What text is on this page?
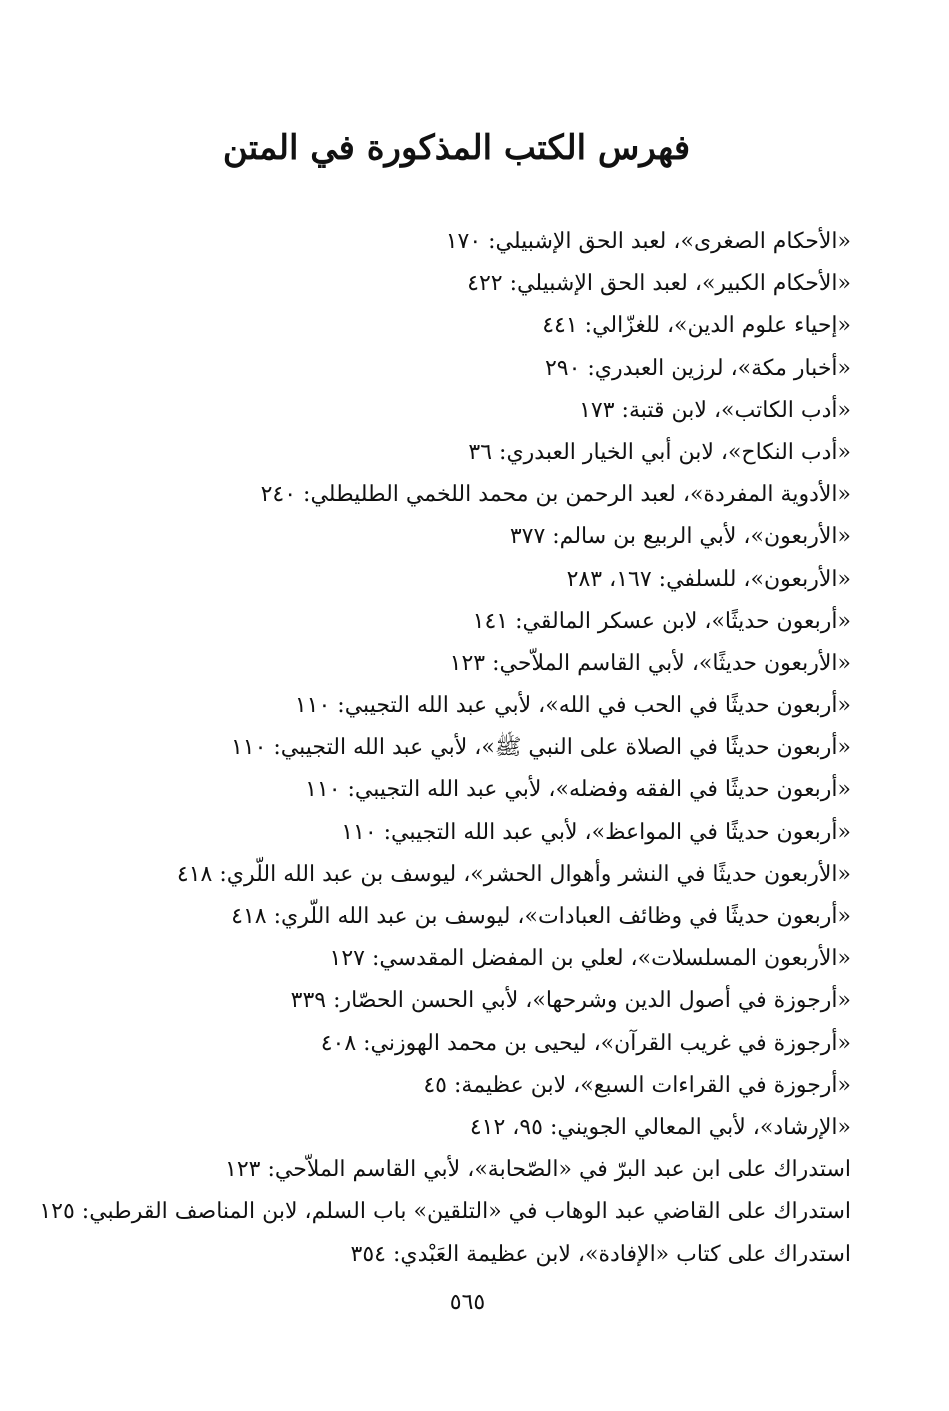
فهرس الكتب المذكورة في المتن
«الأحكام الصغرى»، لعبد الحق الإشبيلي: ١٧٠
«الأحكام الكبير»، لعبد الحق الإشبيلي: ٤٢٢
«إحياء علوم الدين»، للغزّالي: ٤٤١
«أخبار مكة»، لرزين العبدري: ٢٩٠
«أدب الكاتب»، لابن قتبة: ١٧٣
«أدب النكاح»، لابن أبي الخيار العبدري: ٣٦
«الأدوية المفردة»، لعبد الرحمن بن محمد اللخمي الطليطلي: ٢٤٠
«الأربعون»، لأبي الربيع بن سالم: ٣٧٧
«الأربعون»، للسلفي: ١٦٧، ٢٨٣
«أربعون حديثًا»، لابن عسكر المالقي: ١٤١
«الأربعون حديثًا»، لأبي القاسم الملاّحي: ١٢٣
«أربعون حديثًا في الحب في الله»، لأبي عبد الله التجيبي: ١١٠
«أربعون حديثًا في الصلاة على النبي ﷺ»، لأبي عبد الله التجيبي: ١١٠
«أربعون حديثًا في الفقه وفضله»، لأبي عبد الله التجيبي: ١١٠
«أربعون حديثًا في المواعظ»، لأبي عبد الله التجيبي: ١١٠
«الأربعون حديثًا في النشر وأهوال الحشر»، ليوسف بن عبد الله اللّري: ٤١٨
«أربعون حديثًا في وظائف العبادات»، ليوسف بن عبد الله اللّري: ٤١٨
«الأربعون المسلسلات»، لعلي بن المفضل المقدسي: ١٢٧
«أرجوزة في أصول الدين وشرحها»، لأبي الحسن الحصّار: ٣٣٩
«أرجوزة في غريب القرآن»، ليحيى بن محمد الهوزني: ٤٠٨
«أرجوزة في القراءات السبع»، لابن عظيمة: ٤٥
«الإرشاد»، لأبي المعالي الجويني: ٩٥، ٤١٢
استدراك على ابن عبد البرّ في «الصّحابة»، لأبي القاسم الملاّحي: ١٢٣
استدراك على القاضي عبد الوهاب في «التلقين» باب السلم، لابن المناصف القرطبي: ١٢٥
استدراك على كتاب «الإفادة»، لابن عظيمة العَبْدي: ٣٥٤
٥٦٥
